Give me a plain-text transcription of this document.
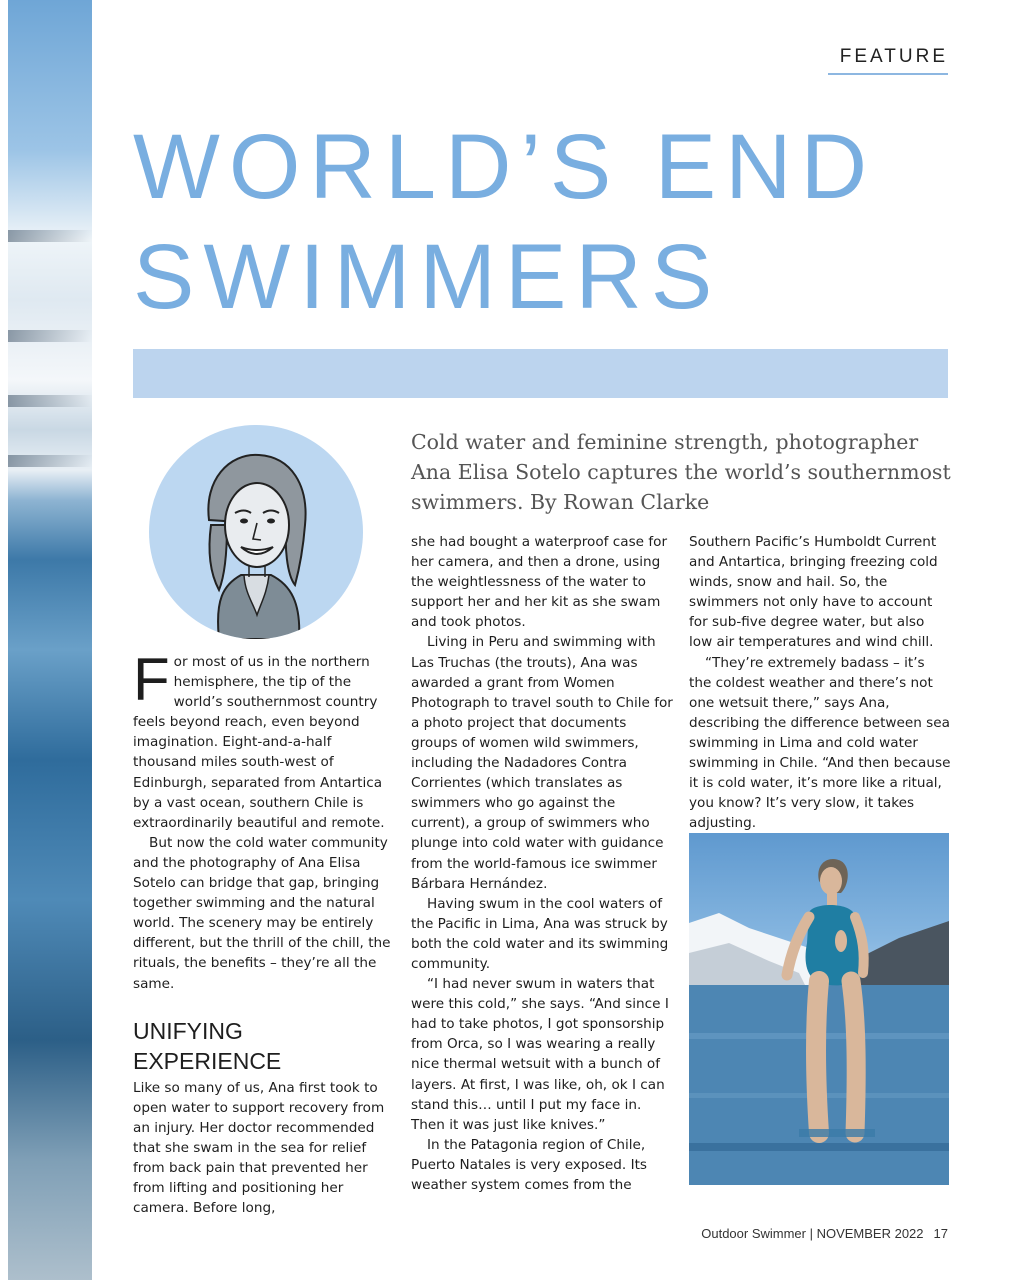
FEATURE
WORLD’S END
SWIMMERS

Cold water and feminine strength, photographer Ana Elisa Sotelo captures the world’s southernmost swimmers. By Rowan Clarke

For most of us in the northern hemisphere, the tip of the world’s southernmost country feels beyond reach, even beyond imagination. Eight-and-a-half thousand miles south-west of Edinburgh, separated from Antartica by a vast ocean, southern Chile is extraordinarily beautiful and remote.

But now the cold water community and the photography of Ana Elisa Sotelo can bridge that gap, bringing together swimming and the natural world. The scenery may be entirely different, but the thrill of the chill, the rituals, the benefits – they’re all the same.

UNIFYING EXPERIENCE

Like so many of us, Ana first took to open water to support recovery from an injury. Her doctor recommended that she swam in the sea for relief from back pain that prevented her from lifting and positioning her camera. Before long,

she had bought a waterproof case for her camera, and then a drone, using the weightlessness of the water to support her and her kit as she swam and took photos.

Living in Peru and swimming with Las Truchas (the trouts), Ana was awarded a grant from Women Photograph to travel south to Chile for a photo project that documents groups of women wild swimmers, including the Nadadores Contra Corrientes (which translates as swimmers who go against the current), a group of swimmers who plunge into cold water with guidance from the world-famous ice swimmer Bárbara Hernández.

Having swum in the cool waters of the Pacific in Lima, Ana was struck by both the cold water and its swimming community.

“I had never swum in waters that were this cold,” she says. “And since I had to take photos, I got sponsorship from Orca, so I was wearing a really nice thermal wetsuit with a bunch of layers. At first, I was like, oh, ok I can stand this… until I put my face in. Then it was just like knives.”

In the Patagonia region of Chile, Puerto Natales is very exposed. Its weather system comes from the

Southern Pacific’s Humboldt Current and Antartica, bringing freezing cold winds, snow and hail. So, the swimmers not only have to account for sub-five degree water, but also low air temperatures and wind chill.

“They’re extremely badass – it’s the coldest weather and there’s not one wetsuit there,” says Ana, describing the difference between sea swimming in Lima and cold water swimming in Chile. “And then because it is cold water, it’s more like a ritual, you know? It’s very slow, it takes adjusting.

Outdoor Swimmer | NOVEMBER 2022 17
